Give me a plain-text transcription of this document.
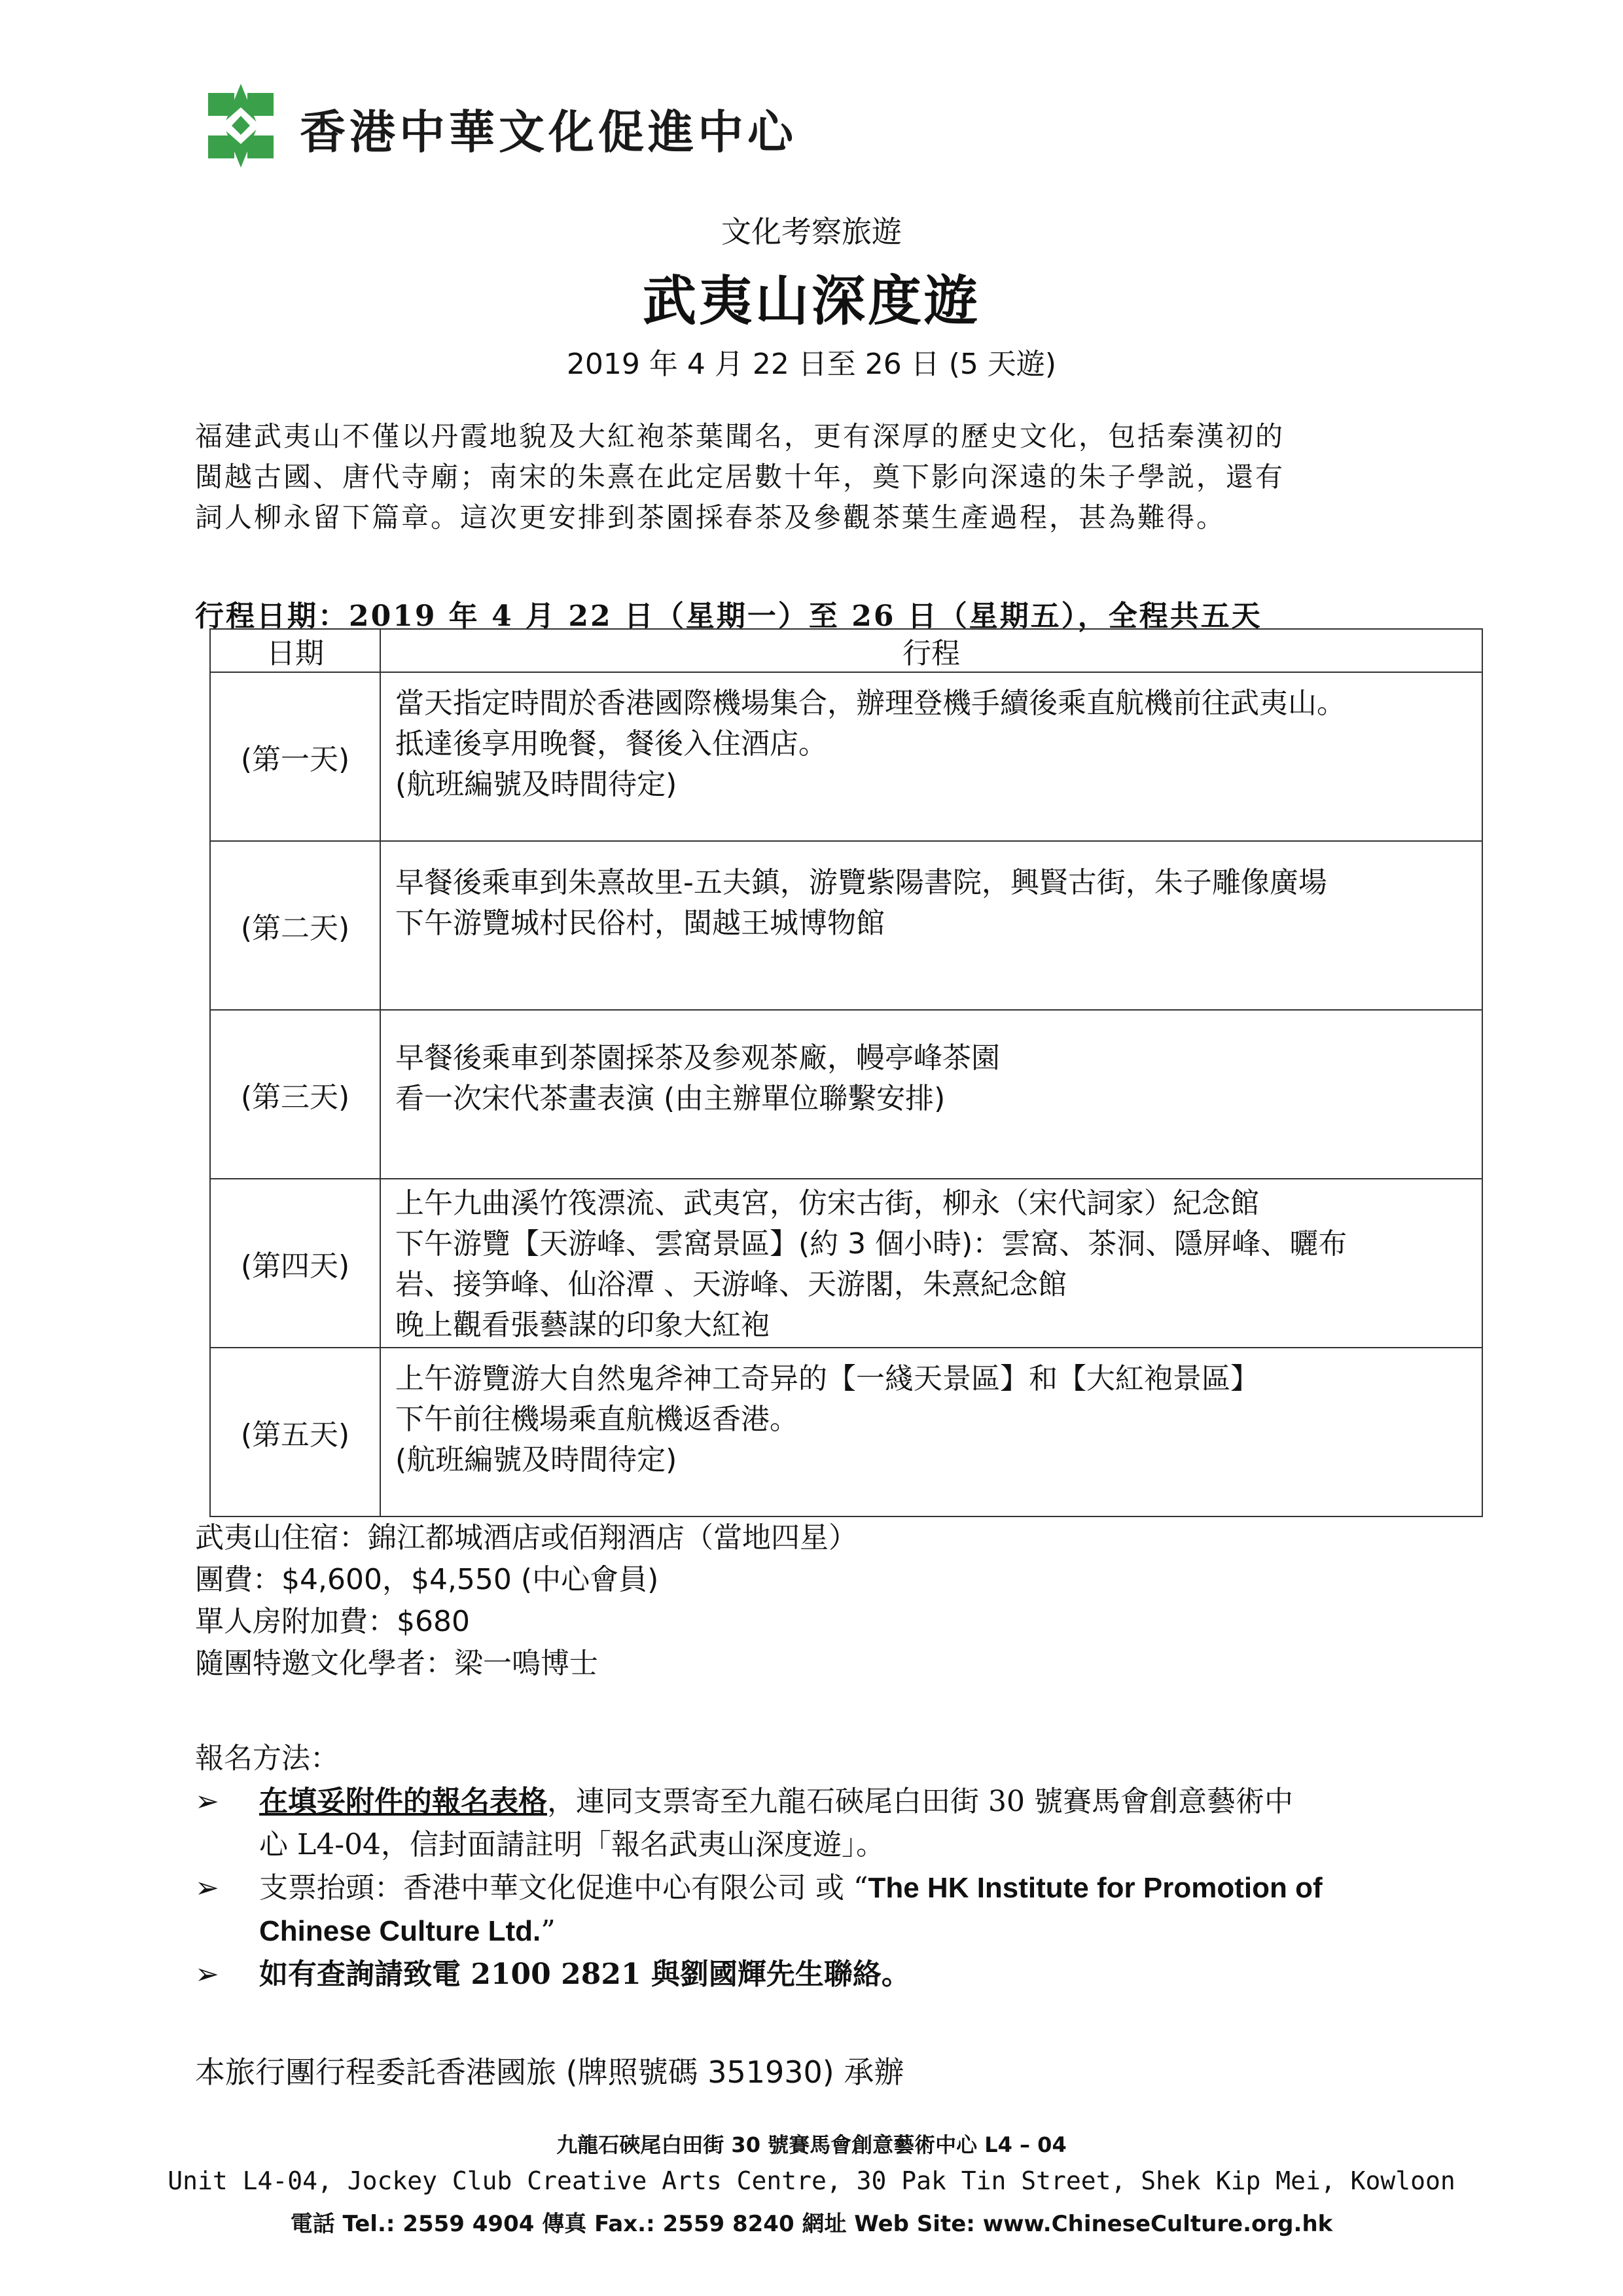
香港中華文化促進中心
文化考察旅遊
武夷山深度遊
2019 年 4 月 22 日至 26 日 (5 天遊)
福建武夷山不僅以丹霞地貌及大紅袍茶葉聞名，更有深厚的歷史文化，包括秦漢初的
閩越古國、唐代寺廟；南宋的朱熹在此定居數十年，奠下影向深遠的朱子學説，還有
詞人柳永留下篇章。這次更安排到茶園採春茶及參觀茶葉生產過程，甚為難得。
行程日期：2019 年 4 月 22 日（星期一）至 26 日（星期五），全程共五天
日期	行程
(第一天)	當天指定時間於香港國際機場集合，辦理登機手續後乘直航機前往武夷山。
抵達後享用晚餐，餐後入住酒店。
(航班編號及時間待定)

(第二天)	早餐後乘車到朱熹故里-五夫鎮，游覽紫陽書院，興賢古街，朱子雕像廣場
下午游覽城村民俗村，閩越王城博物館

(第三天)	早餐後乘車到茶園採茶及参观茶廠，幔亭峰茶園
看一次宋代茶畫表演 (由主辦單位聯繫安排)

(第四天)	上午九曲溪竹筏漂流、武夷宮，仿宋古街，柳永（宋代詞家）紀念館
下午游覽【天游峰、雲窩景區】(約 3 個小時)：雲窩、茶洞、隱屏峰、曬布
岩、接笋峰、仙浴潭 、天游峰、天游閣，朱熹紀念館
晚上觀看張藝謀的印象大紅袍

(第五天)	上午游覽游大自然鬼斧神工奇异的【一綫天景區】和【大紅袍景區】
下午前往機場乘直航機返香港。
(航班編號及時間待定)
武夷山住宿：錦江都城酒店或佰翔酒店（當地四星）
團費：$4,600，$4,550 (中心會員)
單人房附加費：$680
隨團特邀文化學者：梁一鳴博士
報名方法：
➢ 在填妥附件的報名表格，連同支票寄至九龍石硤尾白田街 30 號賽馬會創意藝術中
心 L4-04，信封面請註明「報名武夷山深度遊」。
➢ 支票抬頭：香港中華文化促進中心有限公司 或 “The HK Institute for Promotion of
Chinese Culture Ltd.”
➢ 如有查詢請致電 2100 2821 與劉國輝先生聯絡。
本旅行團行程委託香港國旅 (牌照號碼 351930) 承辦
九龍石硤尾白田街 30 號賽馬會創意藝術中心 L4 – 04
Unit L4-04, Jockey Club Creative Arts Centre, 30 Pak Tin Street, Shek Kip Mei, Kowloon
電話 Tel.: 2559 4904 傳真 Fax.: 2559 8240 網址 Web Site: www.ChineseCulture.org.hk
